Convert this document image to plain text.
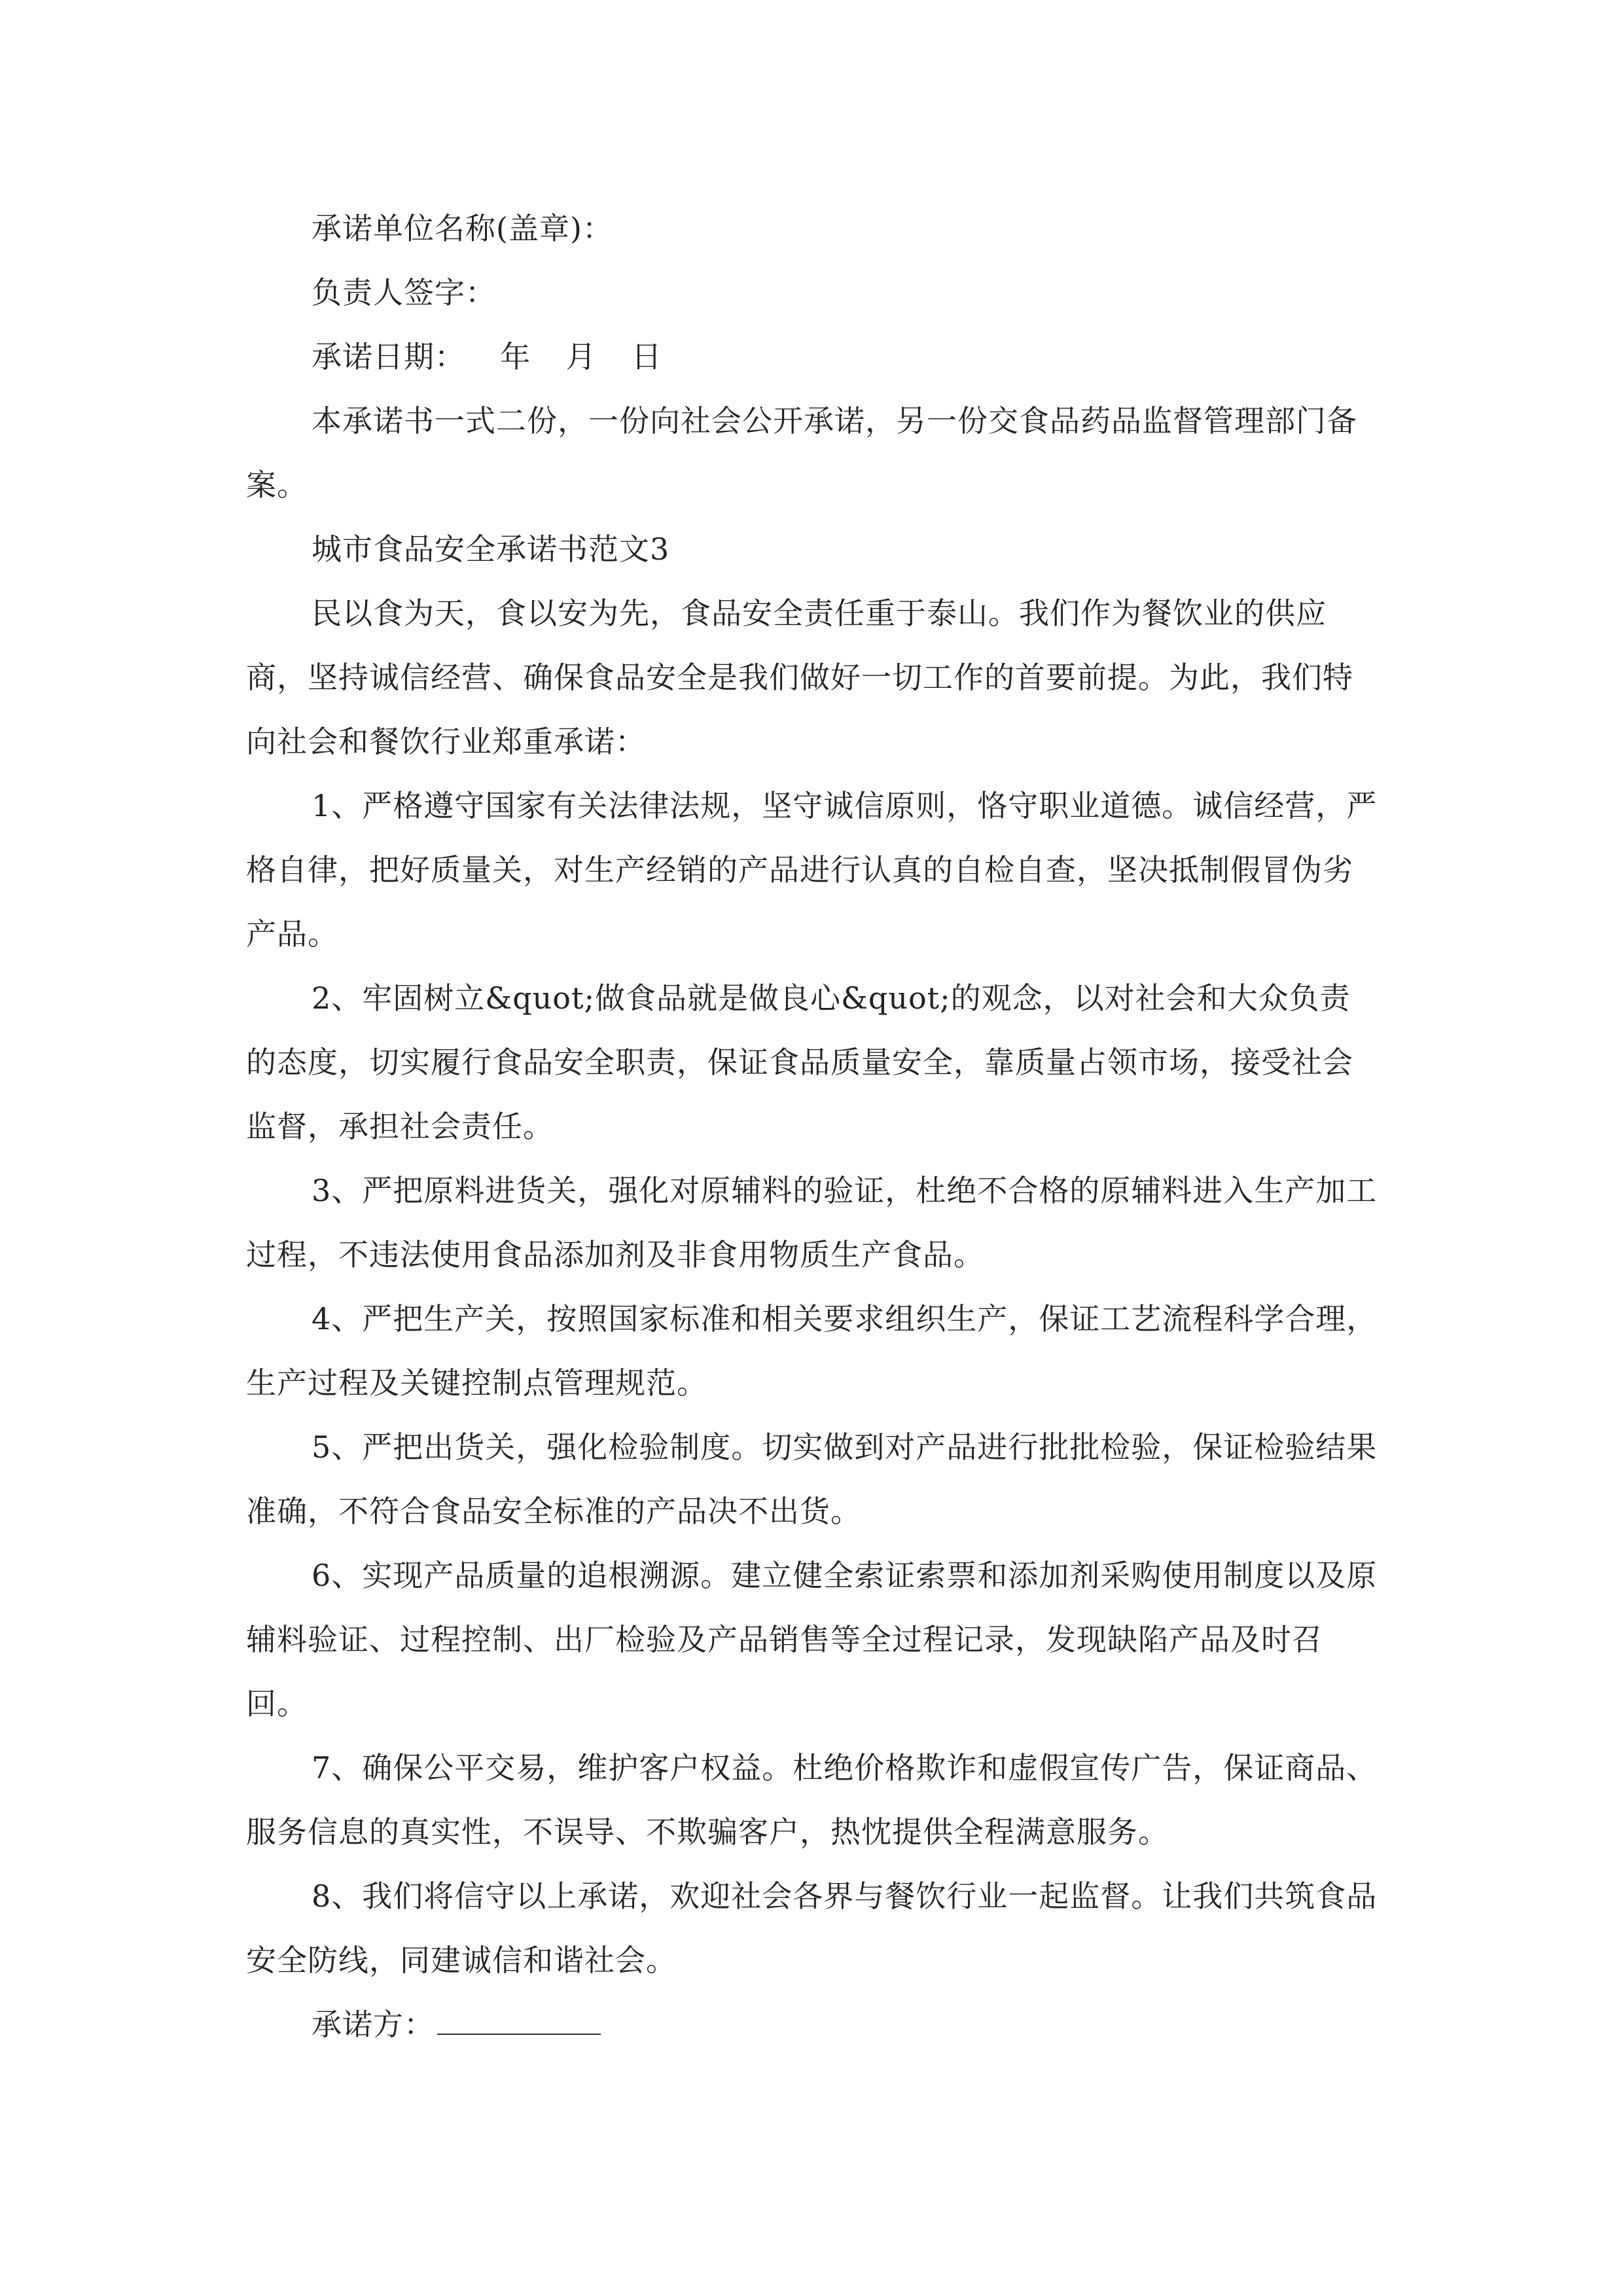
承诺单位名称(盖章)：

负责人签字：

承诺日期： 年 月 日

本承诺书一式二份，一份向社会公开承诺，另一份交食品药品监督管理部门备案。

城市食品安全承诺书范文3

民以食为天，食以安为先，食品安全责任重于泰山。我们作为餐饮业的供应商，坚持诚信经营、确保食品安全是我们做好一切工作的首要前提。为此，我们特向社会和餐饮行业郑重承诺：

1、严格遵守国家有关法律法规，坚守诚信原则，恪守职业道德。诚信经营，严格自律，把好质量关，对生产经销的产品进行认真的自检自查，坚决抵制假冒伪劣产品。

2、牢固树立&quot;做食品就是做良心&quot;的观念，以对社会和大众负责的态度，切实履行食品安全职责，保证食品质量安全，靠质量占领市场，接受社会监督，承担社会责任。

3、严把原料进货关，强化对原辅料的验证，杜绝不合格的原辅料进入生产加工过程，不违法使用食品添加剂及非食用物质生产食品。

4、严把生产关，按照国家标准和相关要求组织生产，保证工艺流程科学合理，生产过程及关键控制点管理规范。

5、严把出货关，强化检验制度。切实做到对产品进行批批检验，保证检验结果准确，不符合食品安全标准的产品决不出货。

6、实现产品质量的追根溯源。建立健全索证索票和添加剂采购使用制度以及原辅料验证、过程控制、出厂检验及产品销售等全过程记录，发现缺陷产品及时召回。

7、确保公平交易，维护客户权益。杜绝价格欺诈和虚假宣传广告，保证商品、服务信息的真实性，不误导、不欺骗客户，热忱提供全程满意服务。

8、我们将信守以上承诺，欢迎社会各界与餐饮行业一起监督。让我们共筑食品安全防线，同建诚信和谐社会。

承诺方：
